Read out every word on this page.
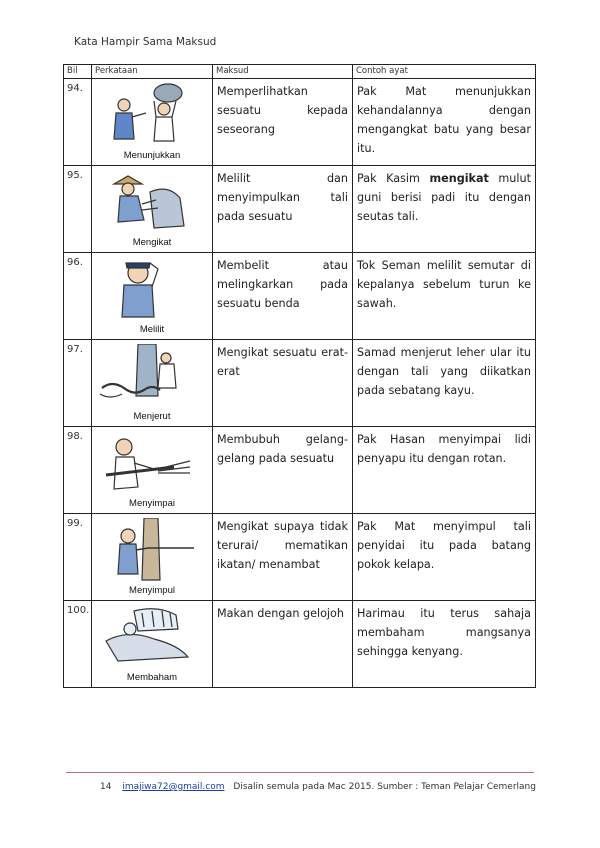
Kata Hampir Sama Maksud
Bil	Perkataan	Maksud	Contoh ayat

94.	Menunjukkan	Memperlihatkan sesuatu kepada seseorang	Pak Mat menunjukkan kehandalannya dengan mengangkat batu yang besar itu.

95.	Mengikat	Melilit dan menyimpulkan tali pada sesuatu	Pak Kasim mengikat mulut guni berisi padi itu dengan seutas tali.

96.	Melilit	Membelit atau melingkarkan pada sesuatu benda	Tok Seman melilit semutar di kepalanya sebelum turun ke sawah.

97.	Menjerut	Mengikat sesuatu erat-erat	Samad menjerut leher ular itu dengan tali yang diikatkan pada sebatang kayu.

98.	Menyimpai	Membubuh gelang-gelang pada sesuatu	Pak Hasan menyimpai lidi penyapu itu dengan rotan.

99.	Menyimpul	Mengikat supaya tidak terurai/ mematikan ikatan/ menambat	Pak Mat menyimpul tali penyidai itu pada batang pokok kelapa.

100.	Membaham	Makan dengan gelojoh	Harimau itu terus sahaja membaham mangsanya sehingga kenyang.
14 imajiwa72@gmail.com Disalin semula pada Mac 2015. Sumber : Teman Pelajar Cemerlang
